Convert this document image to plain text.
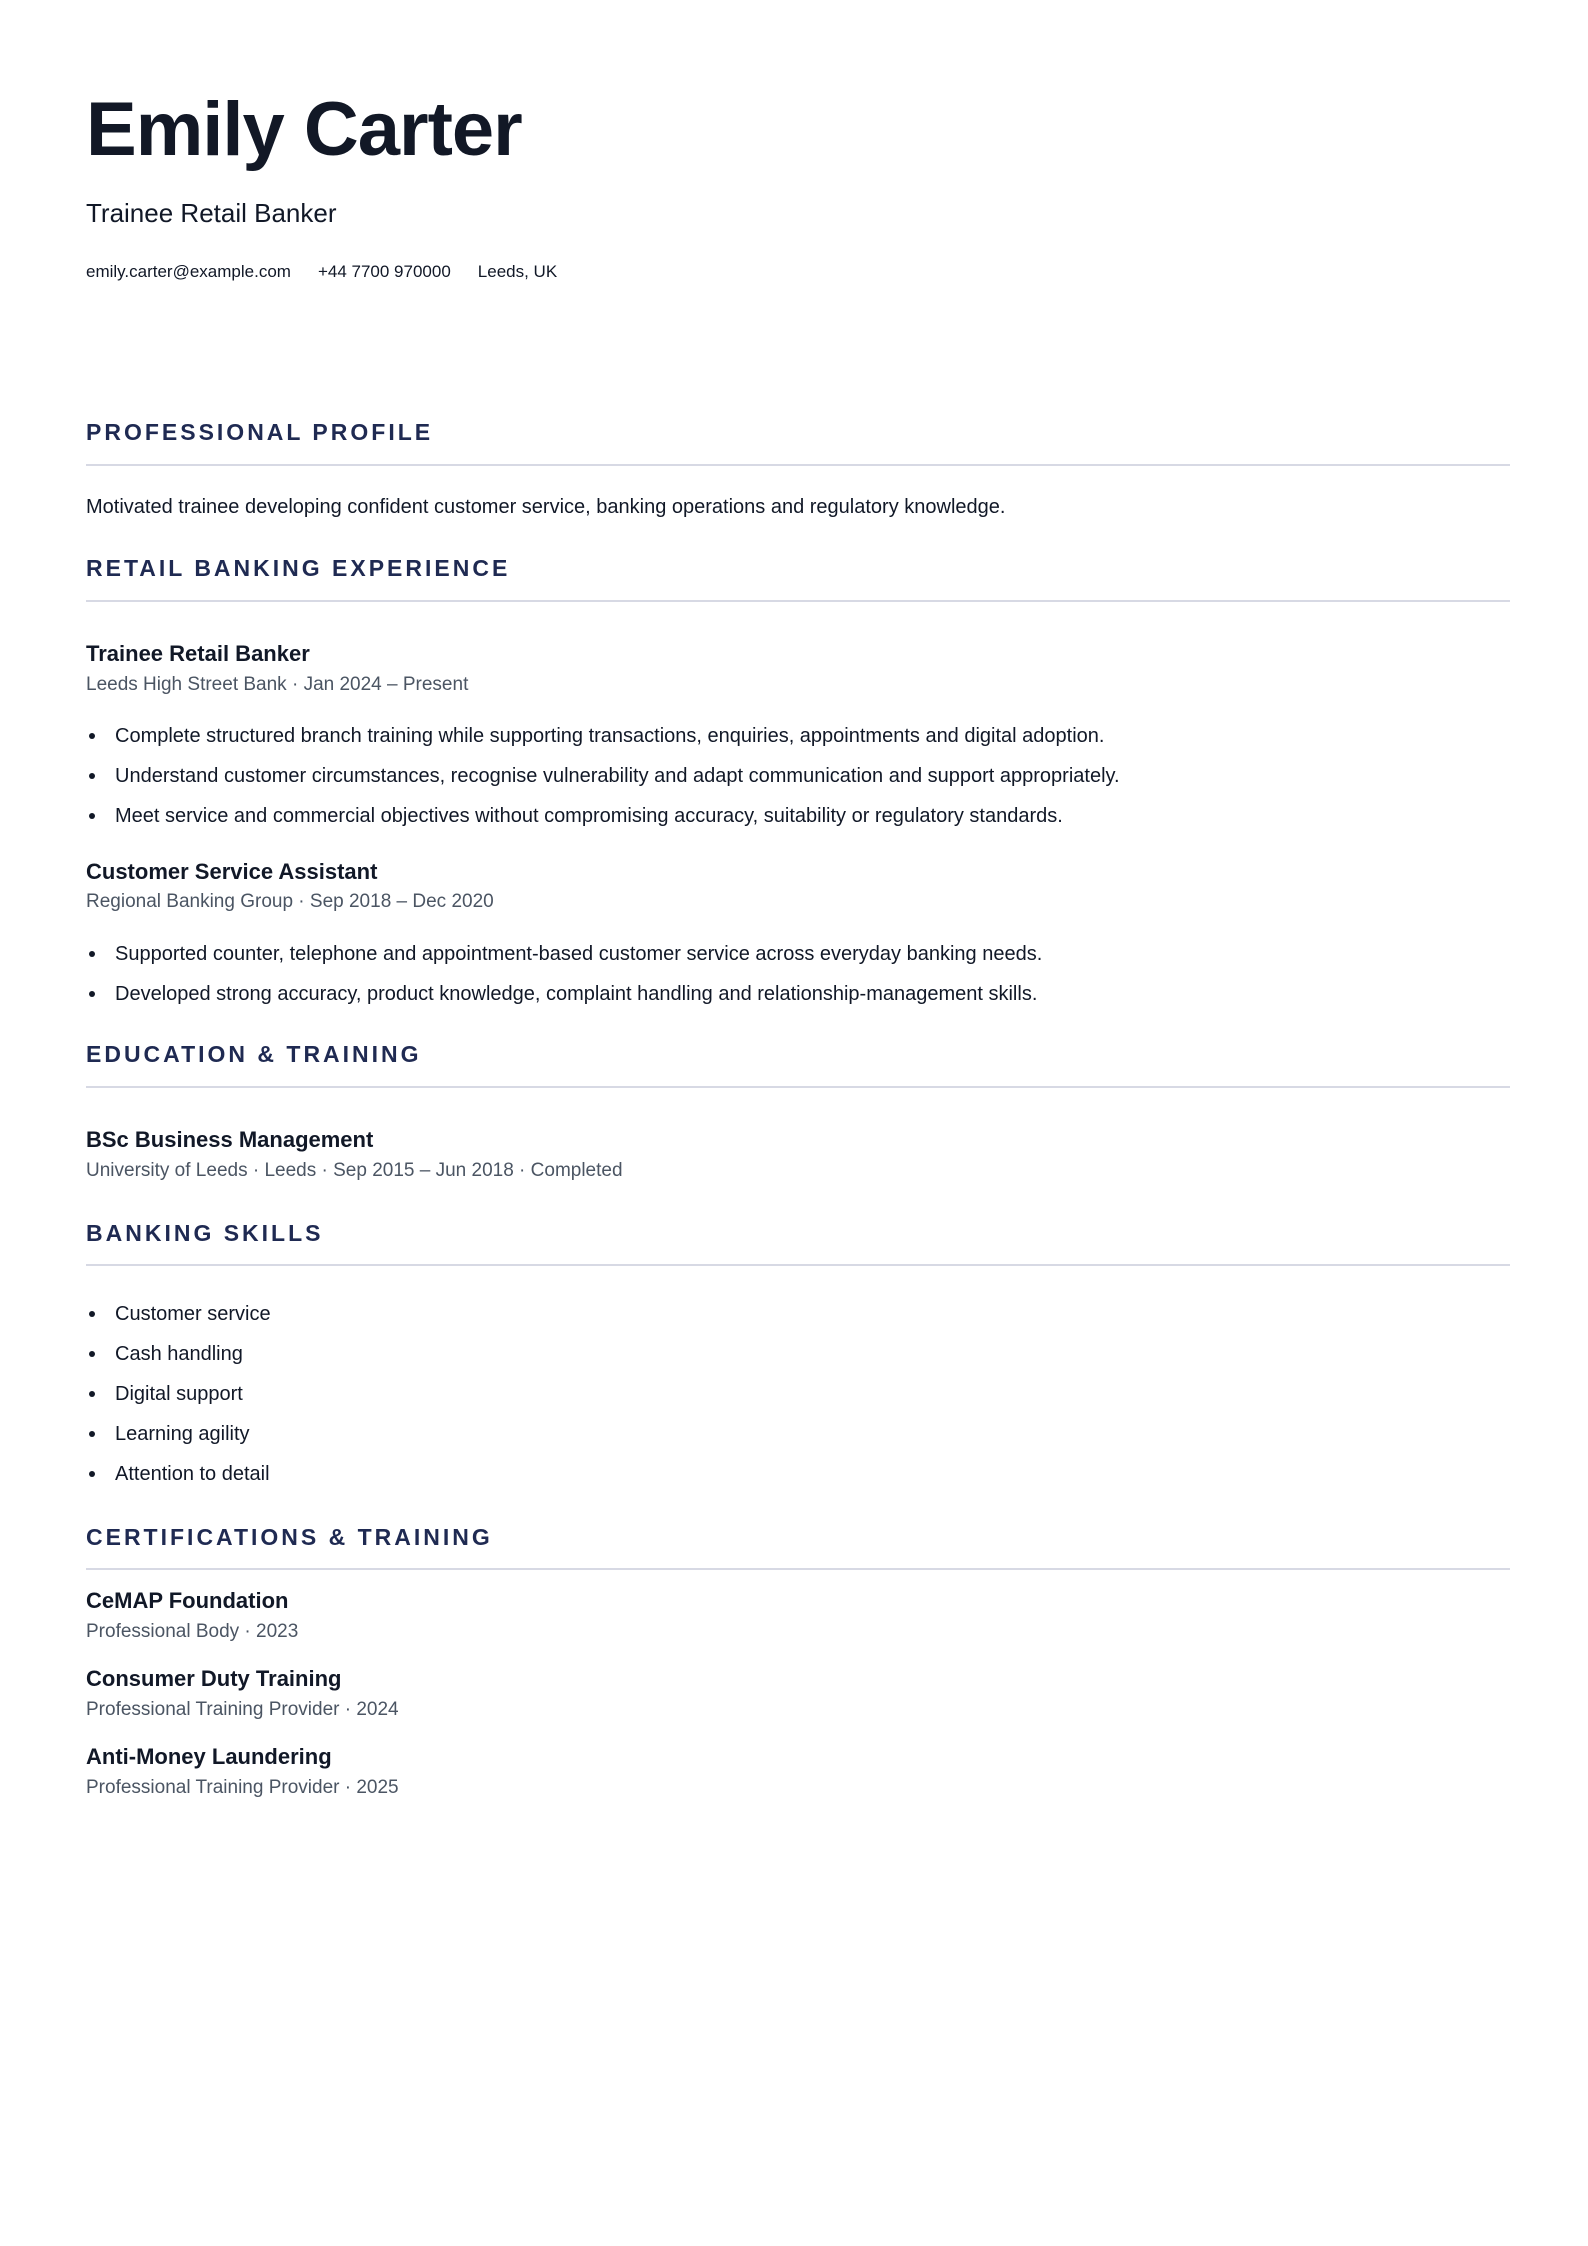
Emily Carter
Trainee Retail Banker
emily.carter@example.com +44 7700 970000 Leeds, UK
PROFESSIONAL PROFILE
Motivated trainee developing confident customer service, banking operations and regulatory knowledge.
RETAIL BANKING EXPERIENCE
Trainee Retail Banker
Leeds High Street Bank · Jan 2024 – Present
Complete structured branch training while supporting transactions, enquiries, appointments and digital adoption.
Understand customer circumstances, recognise vulnerability and adapt communication and support appropriately.
Meet service and commercial objectives without compromising accuracy, suitability or regulatory standards.
Customer Service Assistant
Regional Banking Group · Sep 2018 – Dec 2020
Supported counter, telephone and appointment-based customer service across everyday banking needs.
Developed strong accuracy, product knowledge, complaint handling and relationship-management skills.
EDUCATION & TRAINING
BSc Business Management
University of Leeds · Leeds · Sep 2015 – Jun 2018 · Completed
BANKING SKILLS
Customer service
Cash handling
Digital support
Learning agility
Attention to detail
CERTIFICATIONS & TRAINING
CeMAP Foundation
Professional Body · 2023
Consumer Duty Training
Professional Training Provider · 2024
Anti-Money Laundering
Professional Training Provider · 2025
